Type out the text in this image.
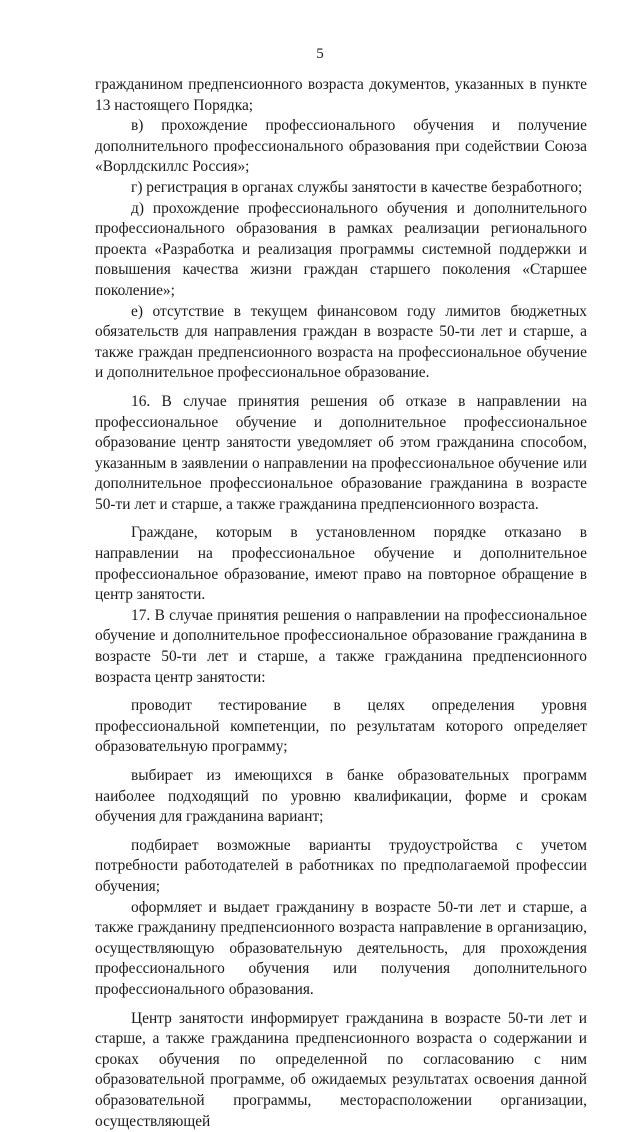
5

гражданином предпенсионного возраста документов, указанных в пункте 13 настоящего Порядка;

в) прохождение профессионального обучения и получение дополнительного профессионального образования при содействии Союза «Ворлдскиллс Россия»;

г) регистрация в органах службы занятости в качестве безработного;

д) прохождение профессионального обучения и дополнительного профессионального образования в рамках реализации регионального проекта «Разработка и реализация программы системной поддержки и повышения качества жизни граждан старшего поколения «Старшее поколение»;

е) отсутствие в текущем финансовом году лимитов бюджетных обязательств для направления граждан в возрасте 50-ти лет и старше, а также граждан предпенсионного возраста на профессиональное обучение и дополнительное профессиональное образование.

16. В случае принятия решения об отказе в направлении на профессиональное обучение и дополнительное профессиональное образование центр занятости уведомляет об этом гражданина способом, указанным в заявлении о направлении на профессиональное обучение или дополнительное профессиональное образование гражданина в возрасте 50-ти лет и старше, а также гражданина предпенсионного возраста.

Граждане, которым в установленном порядке отказано в направлении на профессиональное обучение и дополнительное профессиональное образование, имеют право на повторное обращение в центр занятости.

17. В случае принятия решения о направлении на профессиональное обучение и дополнительное профессиональное образование гражданина в возрасте 50-ти лет и старше, а также гражданина предпенсионного возраста центр занятости:

проводит тестирование в целях определения уровня профессиональной компетенции, по результатам которого определяет образовательную программу;

выбирает из имеющихся в банке образовательных программ наиболее подходящий по уровню квалификации, форме и срокам обучения для гражданина вариант;

подбирает возможные варианты трудоустройства с учетом потребности работодателей в работниках по предполагаемой профессии обучения;

оформляет и выдает гражданину в возрасте 50-ти лет и старше, а также гражданину предпенсионного возраста направление в организацию, осуществляющую образовательную деятельность, для прохождения профессионального обучения или получения дополнительного профессионального образования.

Центр занятости информирует гражданина в возрасте 50-ти лет и старше, а также гражданина предпенсионного возраста о содержании и сроках обучения по определенной по согласованию с ним образовательной программе, об ожидаемых результатах освоения данной образовательной программы, месторасположении организации, осуществляющей
